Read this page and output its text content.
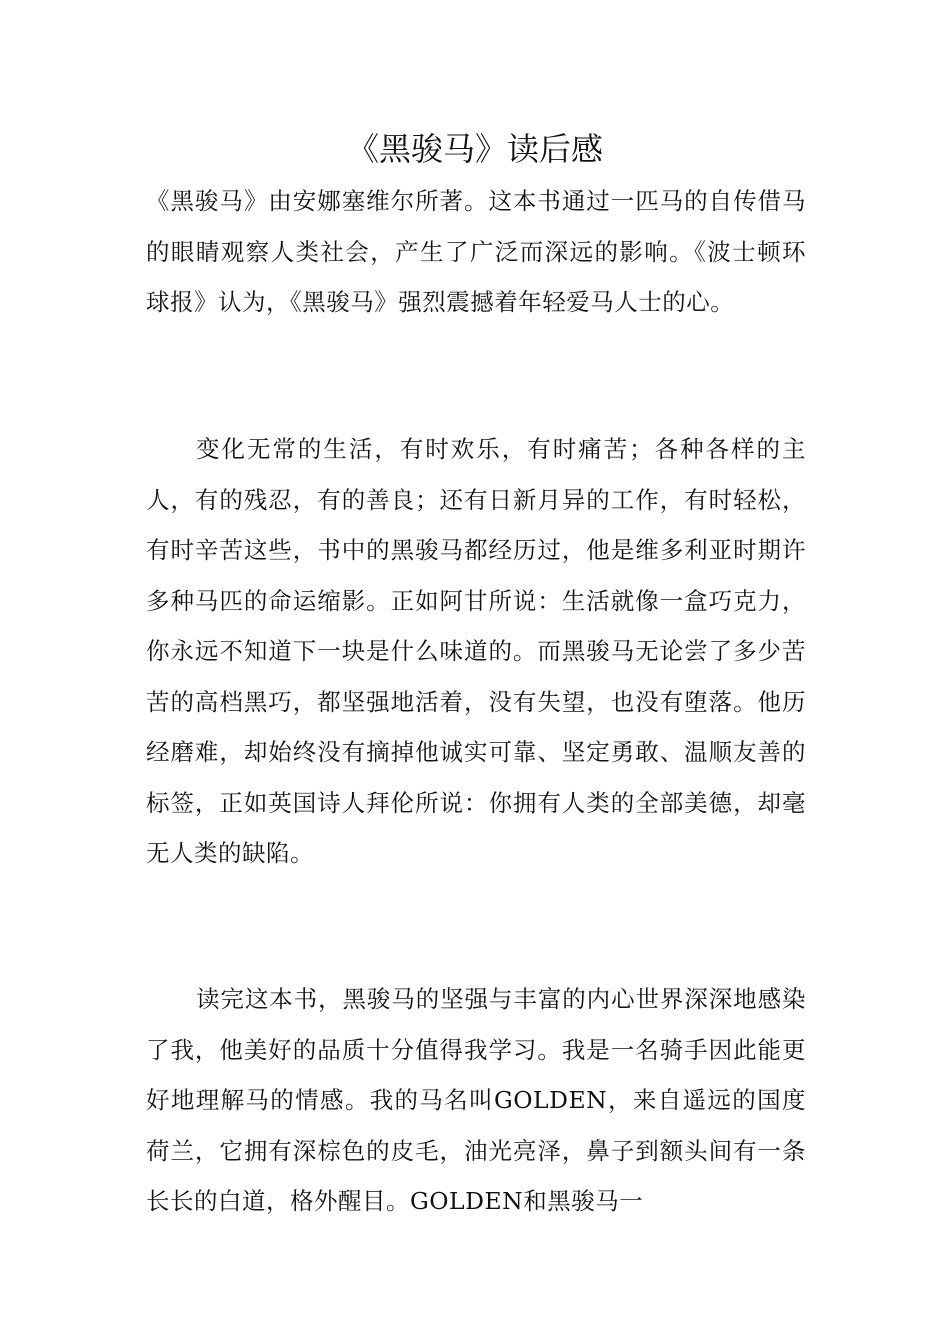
《黑骏马》读后感

《黑骏马》由安娜塞维尔所著。这本书通过一匹马的自传借马的眼睛观察人类社会，产生了广泛而深远的影响。《波士顿环球报》认为，《黑骏马》强烈震撼着年轻爱马人士的心。

变化无常的生活，有时欢乐，有时痛苦；各种各样的主人，有的残忍，有的善良；还有日新月异的工作，有时轻松，有时辛苦这些，书中的黑骏马都经历过，他是维多利亚时期许多种马匹的命运缩影。正如阿甘所说：生活就像一盒巧克力，你永远不知道下一块是什么味道的。而黑骏马无论尝了多少苦苦的高档黑巧，都坚强地活着，没有失望，也没有堕落。他历经磨难，却始终没有摘掉他诚实可靠、坚定勇敢、温顺友善的标签，正如英国诗人拜伦所说：你拥有人类的全部美德，却毫无人类的缺陷。

读完这本书，黑骏马的坚强与丰富的内心世界深深地感染了我，他美好的品质十分值得我学习。我是一名骑手因此能更好地理解马的情感。我的马名叫GOLDEN，来自遥远的国度荷兰，它拥有深棕色的皮毛，油光亮泽，鼻子到额头间有一条长长的白道，格外醒目。GOLDEN和黑骏马一
